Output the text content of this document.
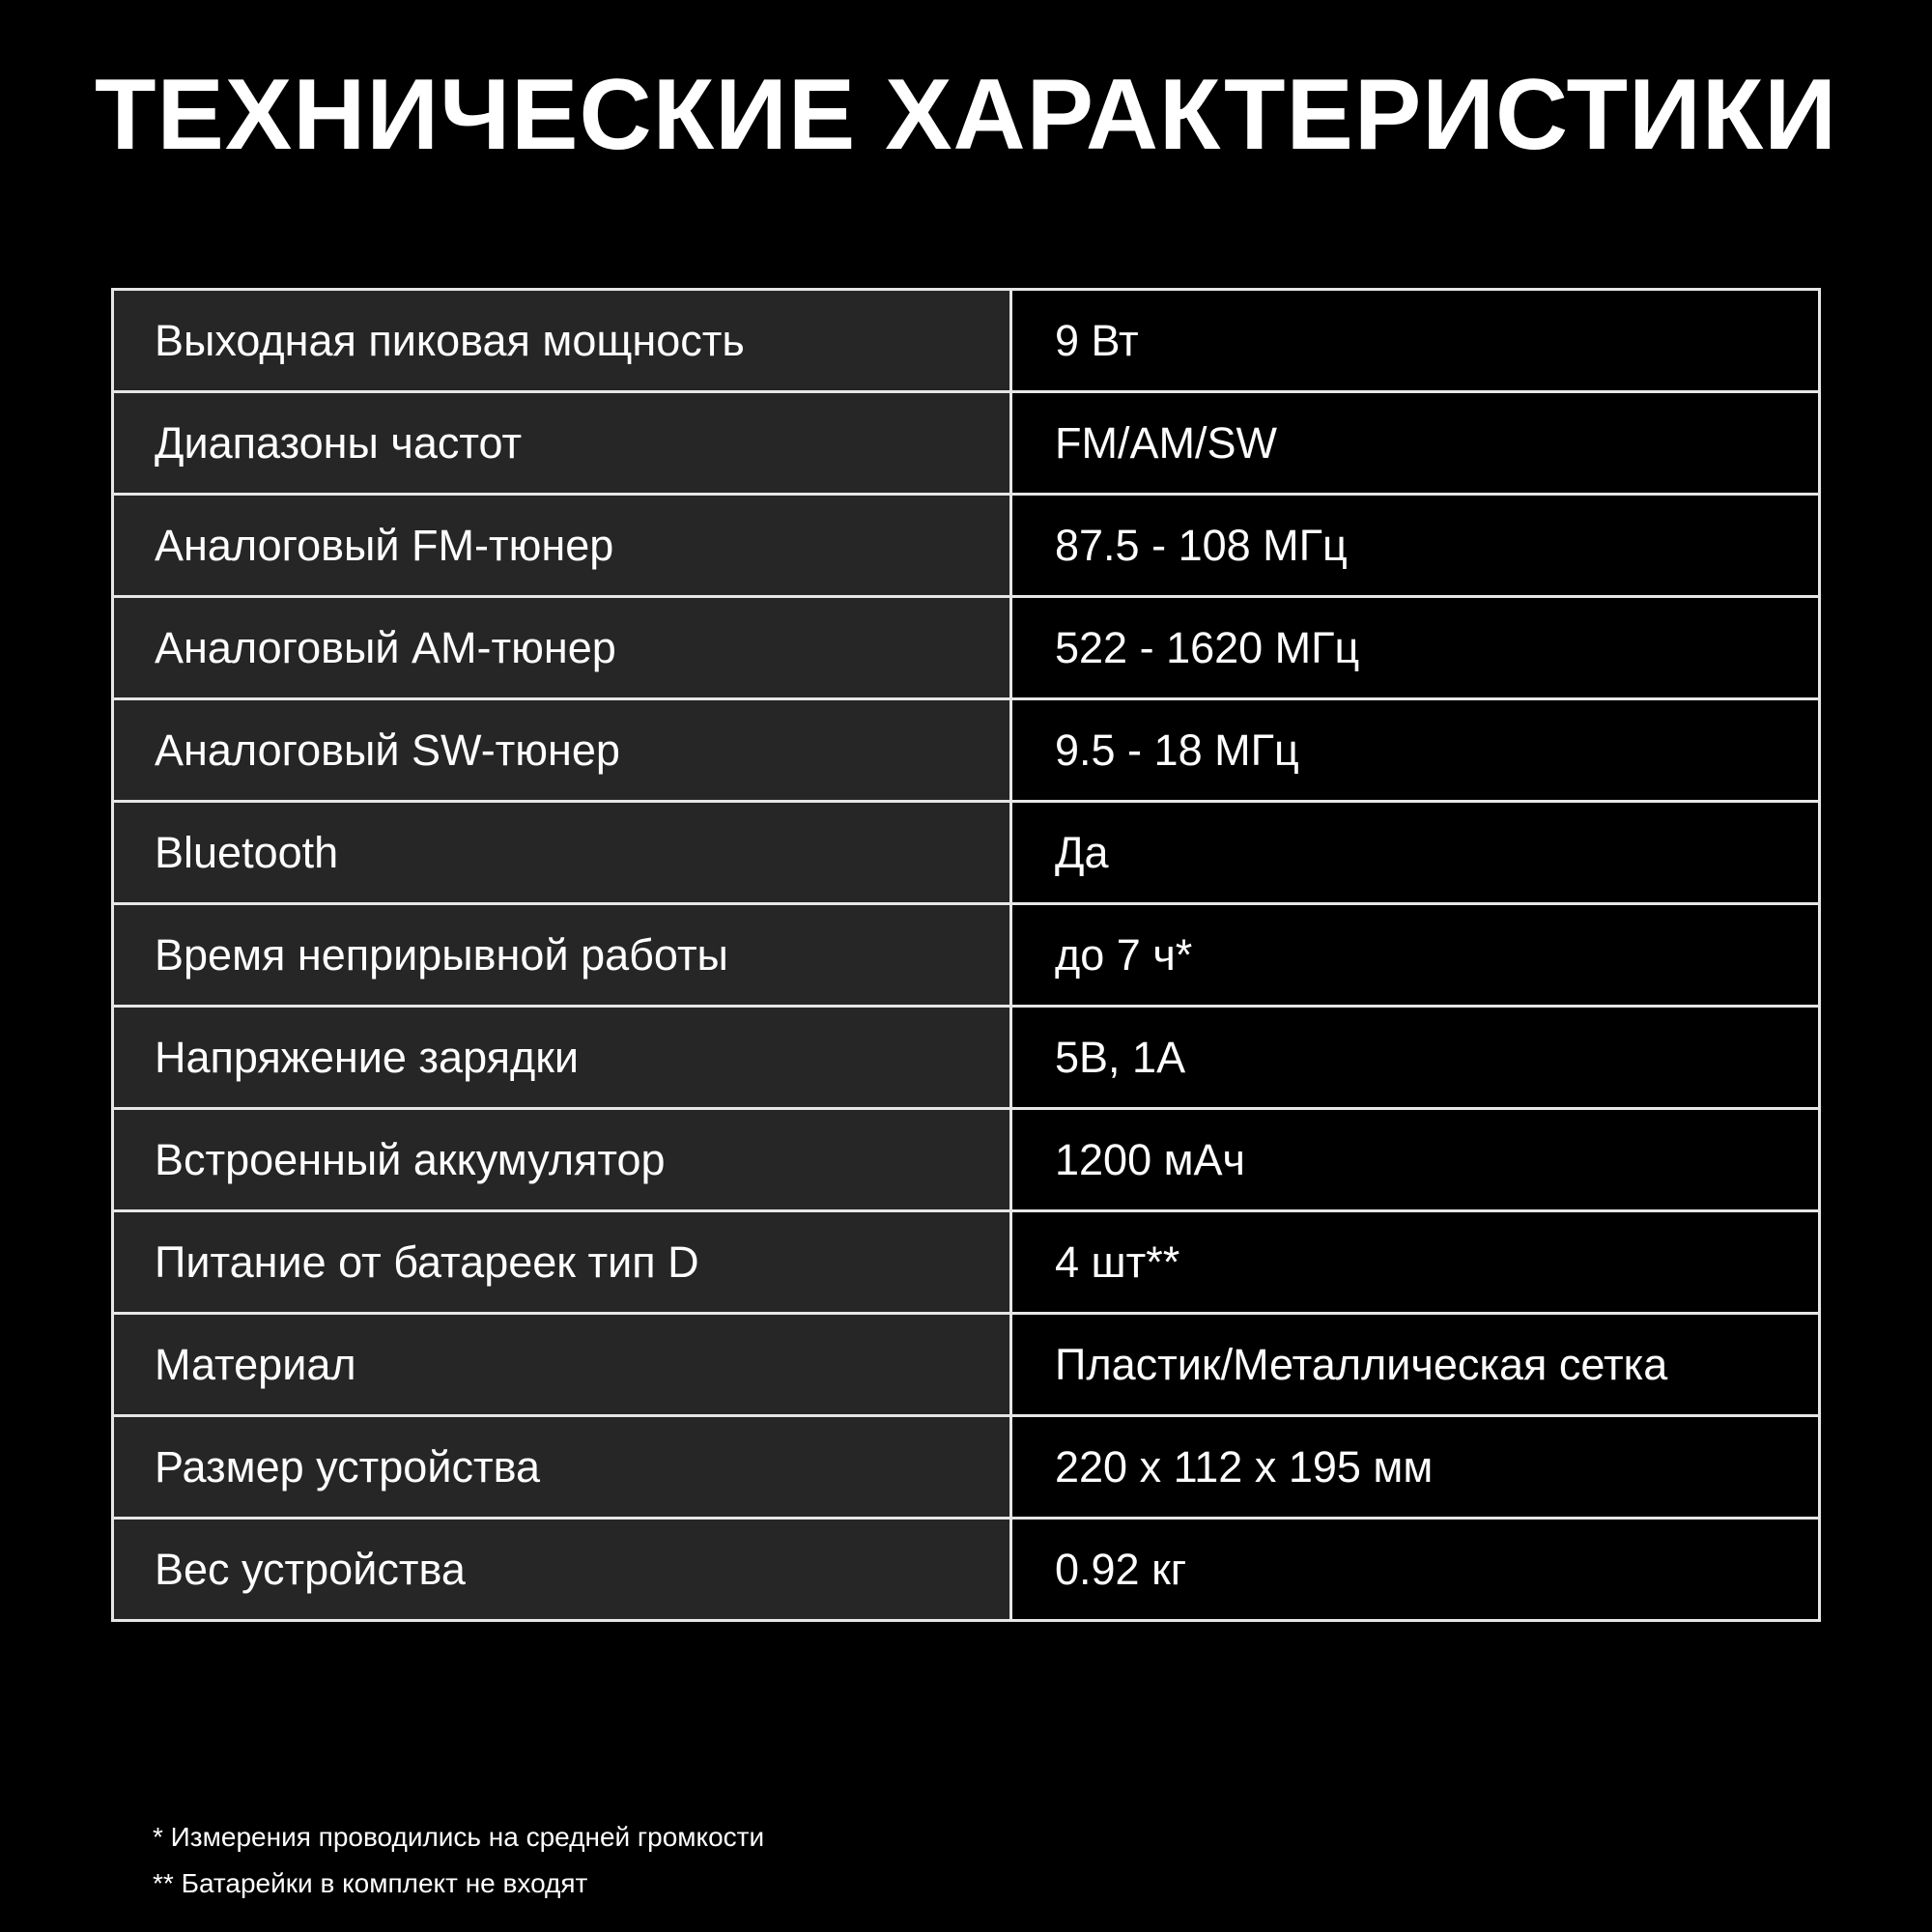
ТЕХНИЧЕСКИЕ ХАРАКТЕРИСТИКИ
Выходная пиковая мощность	9 Вт
Диапазоны частот	FM/AM/SW
Аналоговый FM-тюнер	87.5 - 108 МГц
Аналоговый AM-тюнер	522 - 1620 МГц
Аналоговый SW-тюнер	9.5 - 18 МГц
Bluetooth	Да
Время неприрывной работы	до 7 ч*
Напряжение зарядки	5В, 1А
Встроенный аккумулятор	1200 мАч
Питание от батареек тип D	4 шт**
Материал	Пластик/Металлическая сетка
Размер устройства	220 x 112 x 195 мм
Вес устройства	0.92 кг
* Измерения проводились на средней громкости
** Батарейки в комплект не входят
